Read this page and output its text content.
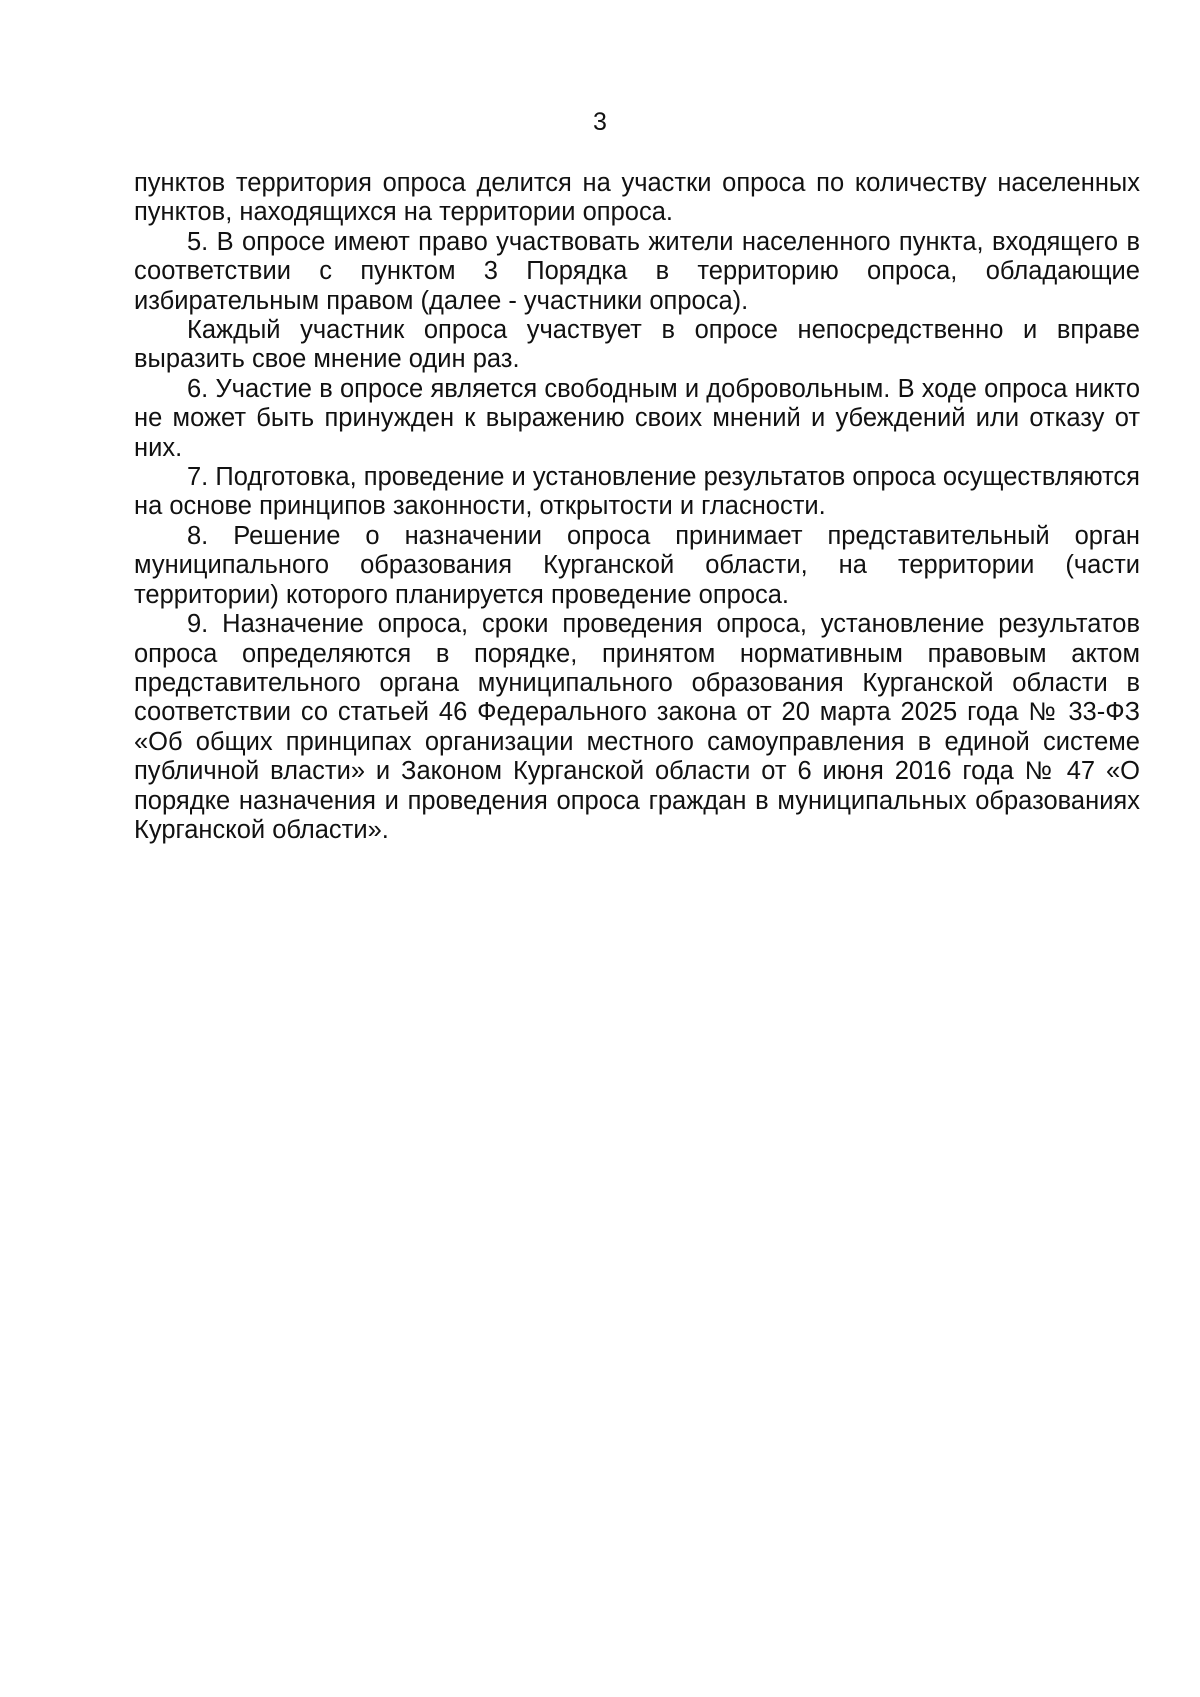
3

пунктов территория опроса делится на участки опроса по количеству населенных пунктов, находящихся на территории опроса.

5. В опросе имеют право участвовать жители населенного пункта, входящего в соответствии с пунктом 3 Порядка в территорию опроса, обладающие избирательным правом (далее - участники опроса).

Каждый участник опроса участвует в опросе непосредственно и вправе выразить свое мнение один раз.

6. Участие в опросе является свободным и добровольным. В ходе опроса никто не может быть принужден к выражению своих мнений и убеждений или отказу от них.

7. Подготовка, проведение и установление результатов опроса осуществляются на основе принципов законности, открытости и гласности.

8. Решение о назначении опроса принимает представительный орган муниципального образования Курганской области, на территории (части территории) которого планируется проведение опроса.

9. Назначение опроса, сроки проведения опроса, установление результатов опроса определяются в порядке, принятом нормативным правовым актом представительного органа муниципального образования Курганской области в соответствии со статьей 46 Федерального закона от 20 марта 2025 года № 33-ФЗ «Об общих принципах организации местного самоуправления в единой системе публичной власти» и Законом Курганской области от 6 июня 2016 года № 47 «О порядке назначения и проведения опроса граждан в муниципальных образованиях Курганской области».
